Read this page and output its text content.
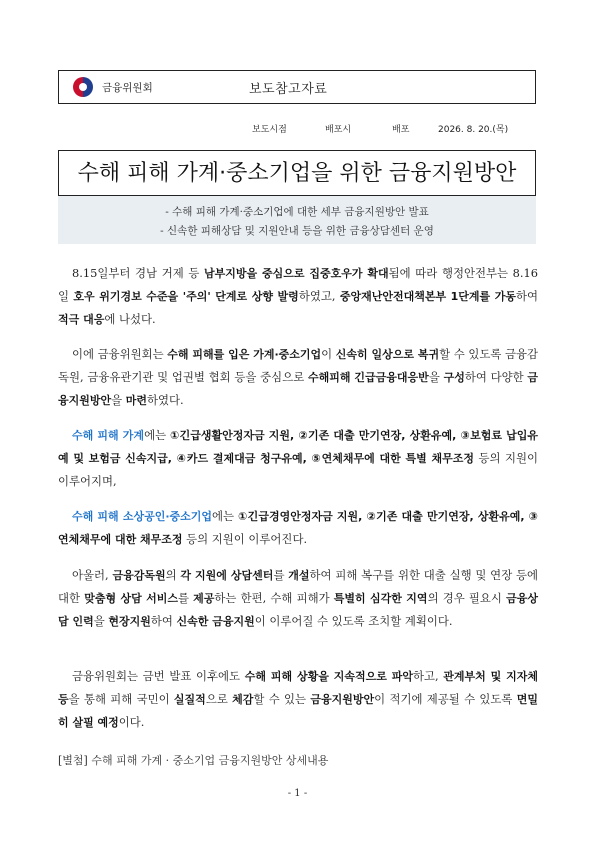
금융위원회	보도참고자료
보도시점	배포시	배포	2026. 8. 20.(목)
수해 피해 가계·중소기업을 위한 금융지원방안
- 수해 피해 가계·중소기업에 대한 세부 금융지원방안 발표
- 신속한 피해상담 및 지원안내 등을 위한 금융상담센터 운영
8.15일부터 경남 거제 등 남부지방을 중심으로 집중호우가 확대됨에 따라 행정안전부는 8.16일 호우 위기경보 수준을 '주의' 단계로 상향 발령하였고, 중앙재난안전대책본부 1단계를 가동하여 적극 대응에 나섰다.
이에 금융위원회는 수해 피해를 입은 가계·중소기업이 신속히 일상으로 복귀할 수 있도록 금융감독원, 금융유관기관 및 업권별 협회 등을 중심으로 수해피해 긴급금융대응반을 구성하여 다양한 금융지원방안을 마련하였다.
수해 피해 가계에는 ①긴급생활안정자금 지원, ②기존 대출 만기연장, 상환유예, ③보험료 납입유예 및 보험금 신속지급, ④카드 결제대금 청구유예, ⑤연체채무에 대한 특별 채무조정 등의 지원이 이루어지며,
수해 피해 소상공인·중소기업에는 ①긴급경영안정자금 지원, ②기존 대출 만기연장, 상환유예, ③연체채무에 대한 채무조정 등의 지원이 이루어진다.
아울러, 금융감독원의 각 지원에 상담센터를 개설하여 피해 복구를 위한 대출 실행 및 연장 등에 대한 맞춤형 상담 서비스를 제공하는 한편, 수해 피해가 특별히 심각한 지역의 경우 필요시 금융상담 인력을 현장지원하여 신속한 금융지원이 이루어질 수 있도록 조치할 계획이다.
금융위원회는 금번 발표 이후에도 수해 피해 상황을 지속적으로 파악하고, 관계부처 및 지자체 등을 통해 피해 국민이 실질적으로 체감할 수 있는 금융지원방안이 적기에 제공될 수 있도록 면밀히 살필 예정이다.
[별첨] 수해 피해 가계 · 중소기업 금융지원방안 상세내용
- 1 -
